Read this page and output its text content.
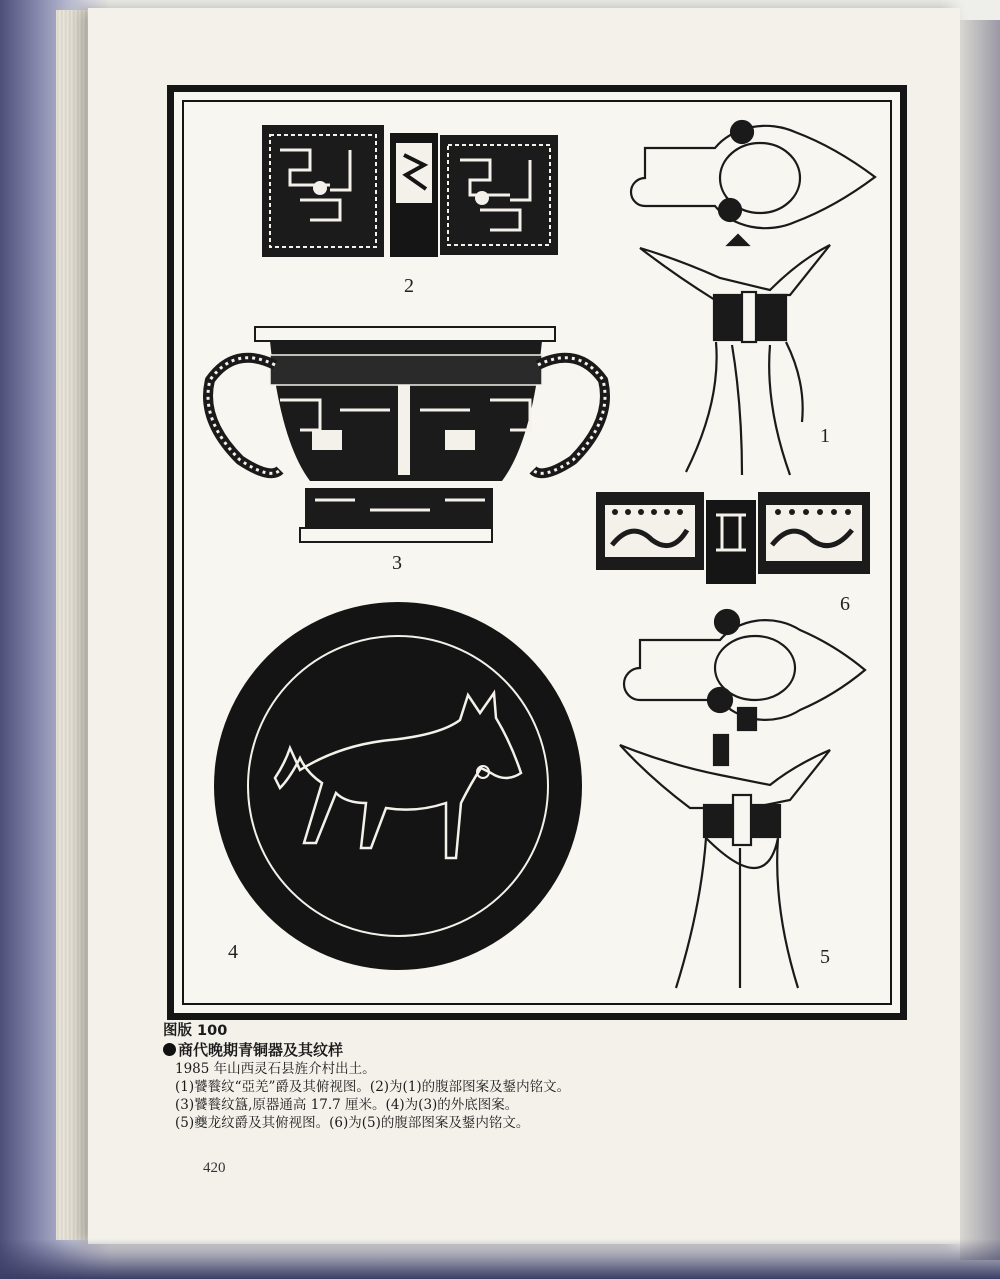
2
1
3
6
4	5
图版 100
商代晚期青铜器及其纹样
1985 年山西灵石县旌介村出土。
(1)饕餮纹“亞羌”爵及其俯视图。(2)为(1)的腹部图案及鋬内铭文。
(3)饕餮纹簋,原器通高 17.7 厘米。(4)为(3)的外底图案。
(5)夔龙纹爵及其俯视图。(6)为(5)的腹部图案及鋬内铭文。
420
